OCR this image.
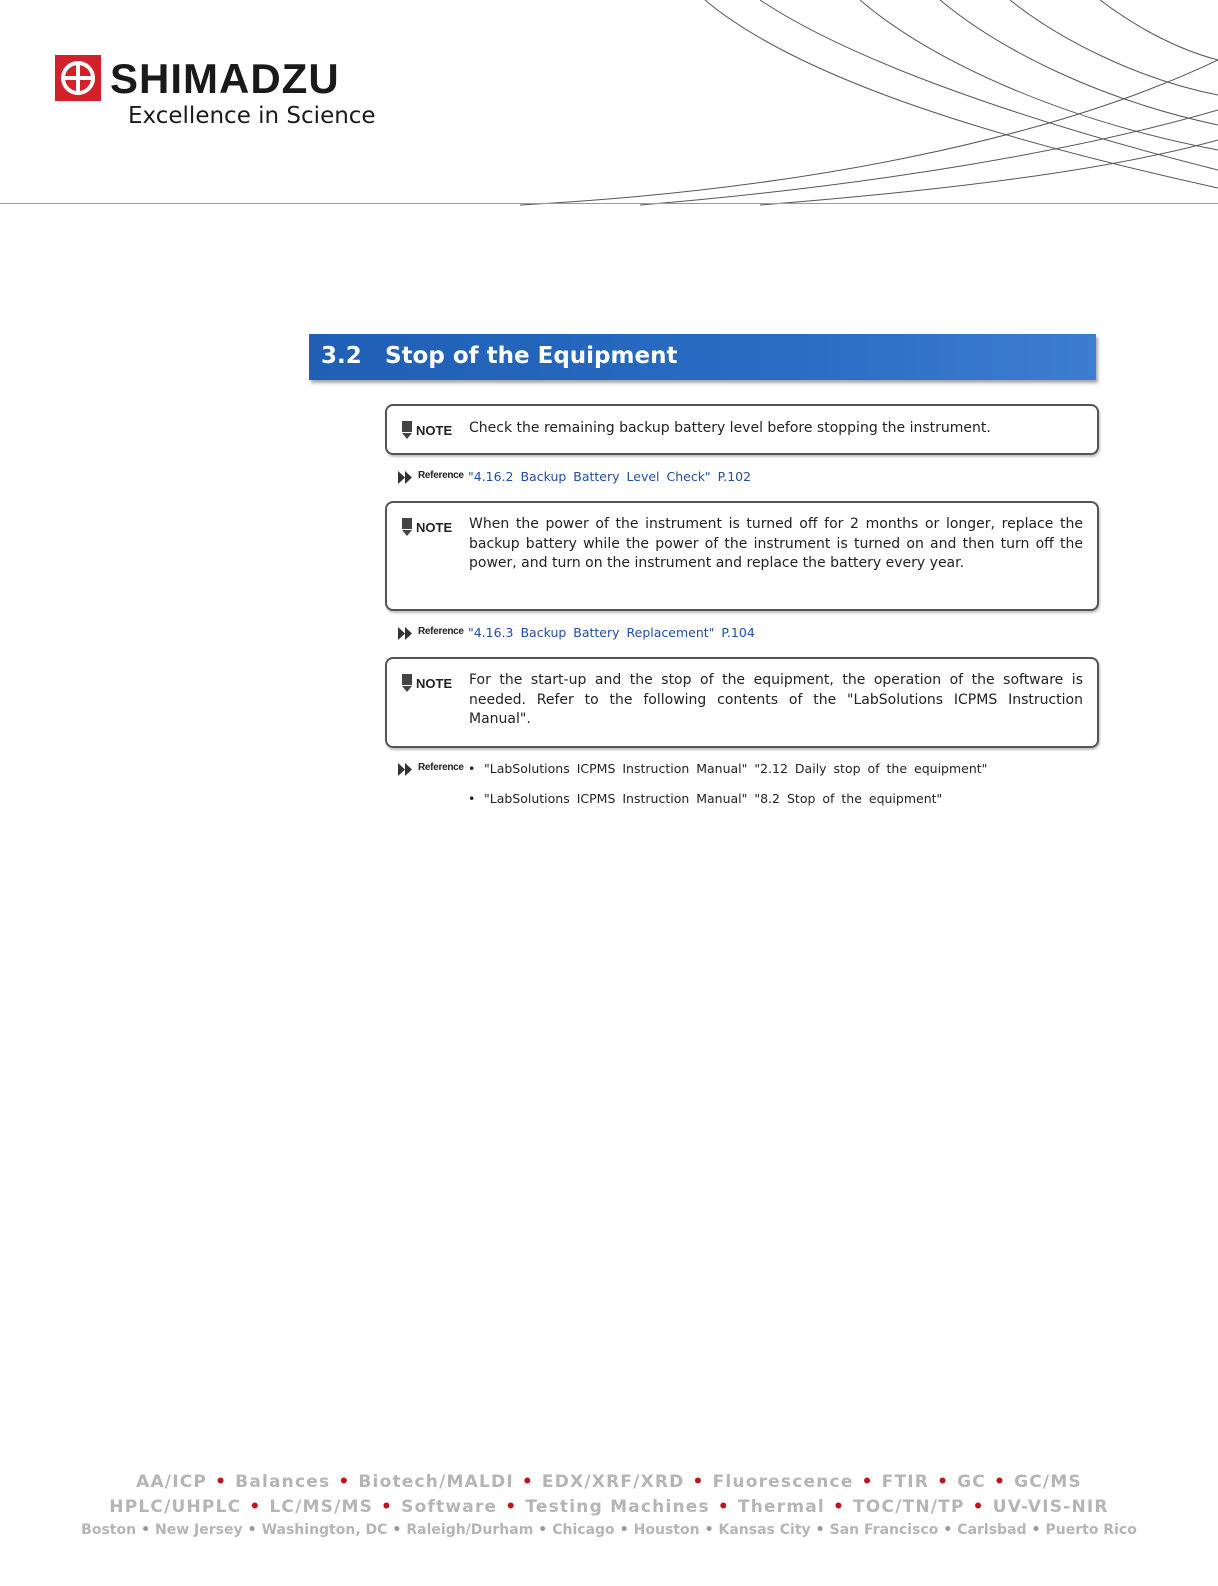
SHIMADZU
Excellence in Science
3.2 Stop of the Equipment
NOTE Check the remaining backup battery level before stopping the instrument.
Reference "4.16.2 Backup Battery Level Check" P.102
NOTE When the power of the instrument is turned off for 2 months or longer, replace the backup battery while the power of the instrument is turned on and then turn off the power, and turn on the instrument and replace the battery every year.
Reference "4.16.3 Backup Battery Replacement" P.104
NOTE For the start-up and the stop of the equipment, the operation of the software is needed. Refer to the following contents of the "LabSolutions ICPMS Instruction Manual".
Reference • "LabSolutions ICPMS Instruction Manual" "2.12 Daily stop of the equipment"
• "LabSolutions ICPMS Instruction Manual" "8.2 Stop of the equipment"
AA/ICP • Balances • Biotech/MALDI • EDX/XRF/XRD • Fluorescence • FTIR • GC • GC/MS
HPLC/UHPLC • LC/MS/MS • Software • Testing Machines • Thermal • TOC/TN/TP • UV-VIS-NIR
Boston • New Jersey • Washington, DC • Raleigh/Durham • Chicago • Houston • Kansas City • San Francisco • Carlsbad • Puerto Rico
